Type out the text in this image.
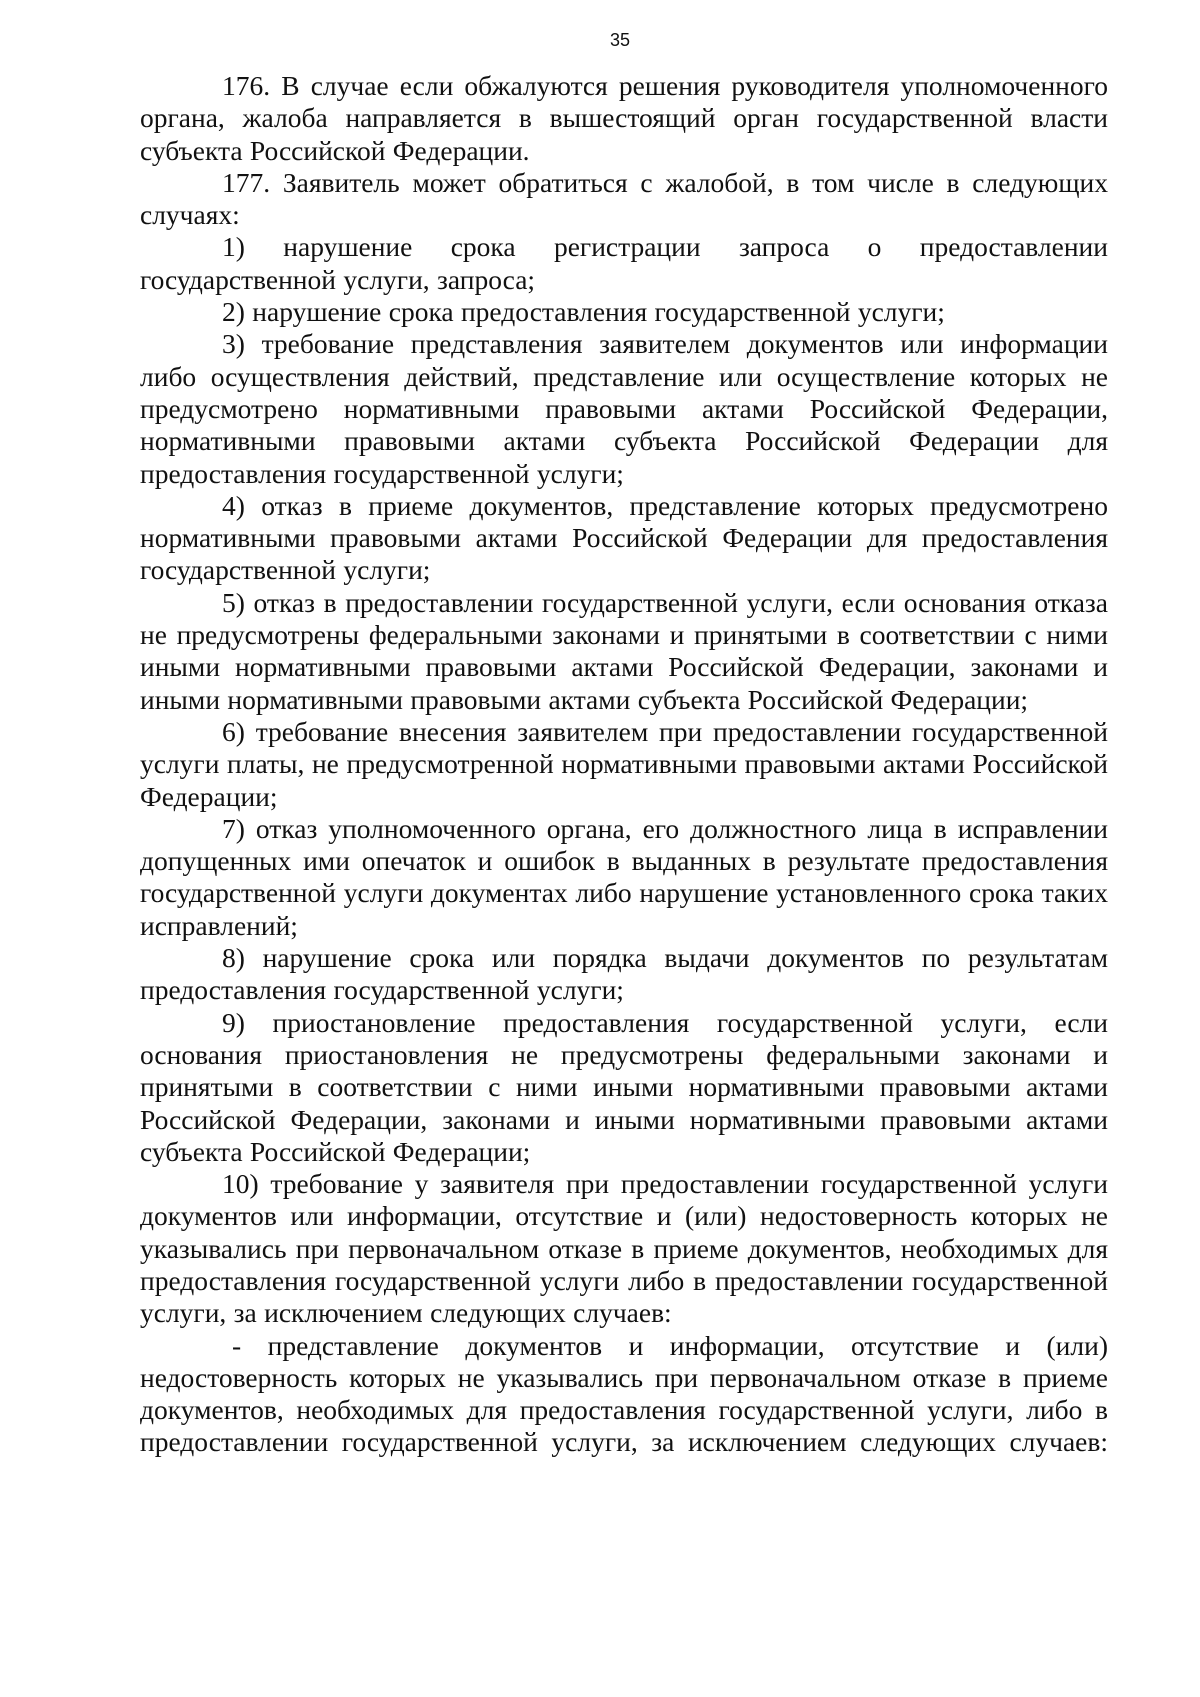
35

176. В случае если обжалуются решения руководителя уполномоченного органа, жалоба направляется в вышестоящий орган государственной власти субъекта Российской Федерации.

177. Заявитель может обратиться с жалобой, в том числе в следующих случаях:

1) нарушение срока регистрации запроса о предоставлении государственной услуги, запроса;

2) нарушение срока предоставления государственной услуги;

3) требование представления заявителем документов или информации либо осуществления действий, представление или осуществление которых не предусмотрено нормативными правовыми актами Российской Федерации, нормативными правовыми актами субъекта Российской Федерации для предоставления государственной услуги;

4) отказ в приеме документов, представление которых предусмотрено нормативными правовыми актами Российской Федерации для предоставления государственной услуги;

5) отказ в предоставлении государственной услуги, если основания отказа не предусмотрены федеральными законами и принятыми в соответствии с ними иными нормативными правовыми актами Российской Федерации, законами и иными нормативными правовыми актами субъекта Российской Федерации;

6) требование внесения заявителем при предоставлении государственной услуги платы, не предусмотренной нормативными правовыми актами Российской Федерации;

7) отказ уполномоченного органа, его должностного лица в исправлении допущенных ими опечаток и ошибок в выданных в результате предоставления государственной услуги документах либо нарушение установленного срока таких исправлений;

8) нарушение срока или порядка выдачи документов по результатам предоставления государственной услуги;

9) приостановление предоставления государственной услуги, если основания приостановления не предусмотрены федеральными законами и принятыми в соответствии с ними иными нормативными правовыми актами Российской Федерации, законами и иными нормативными правовыми актами субъекта Российской Федерации;

10) требование у заявителя при предоставлении государственной услуги документов или информации, отсутствие и (или) недостоверность которых не указывались при первоначальном отказе в приеме документов, необходимых для предоставления государственной услуги либо в предоставлении государственной услуги, за исключением следующих случаев:

- представление документов и информации, отсутствие и (или) недостоверность которых не указывались при первоначальном отказе в приеме документов, необходимых для предоставления государственной услуги, либо в предоставлении государственной услуги, за исключением следующих случаев:
